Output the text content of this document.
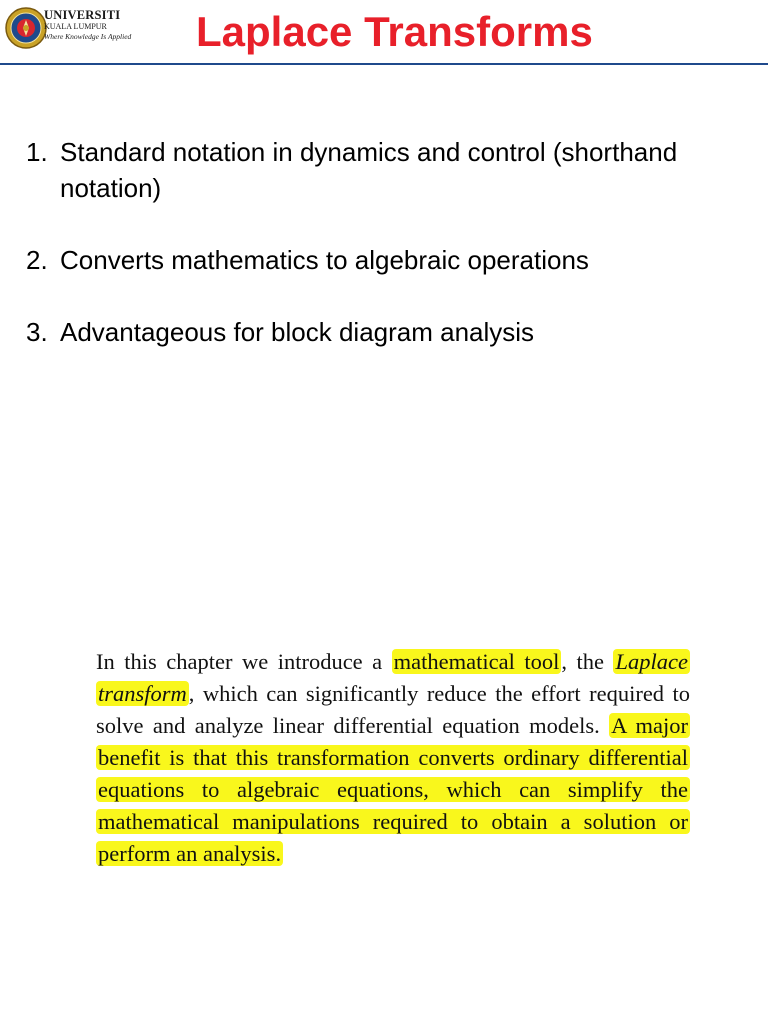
UNIVERSITI
KUALA LUMPUR
Where Knowledge Is Applied	Laplace Transforms
1. Standard notation in dynamics and control (shorthand notation)
2. Converts mathematics to algebraic operations
3. Advantageous for block diagram analysis

In this chapter we introduce a mathematical tool, the Laplace transform, which can significantly reduce the effort required to solve and analyze linear differential equation models. A major benefit is that this transformation converts ordinary differential equations to algebraic equations, which can simplify the mathematical manipulations required to obtain a solution or perform an analysis.
